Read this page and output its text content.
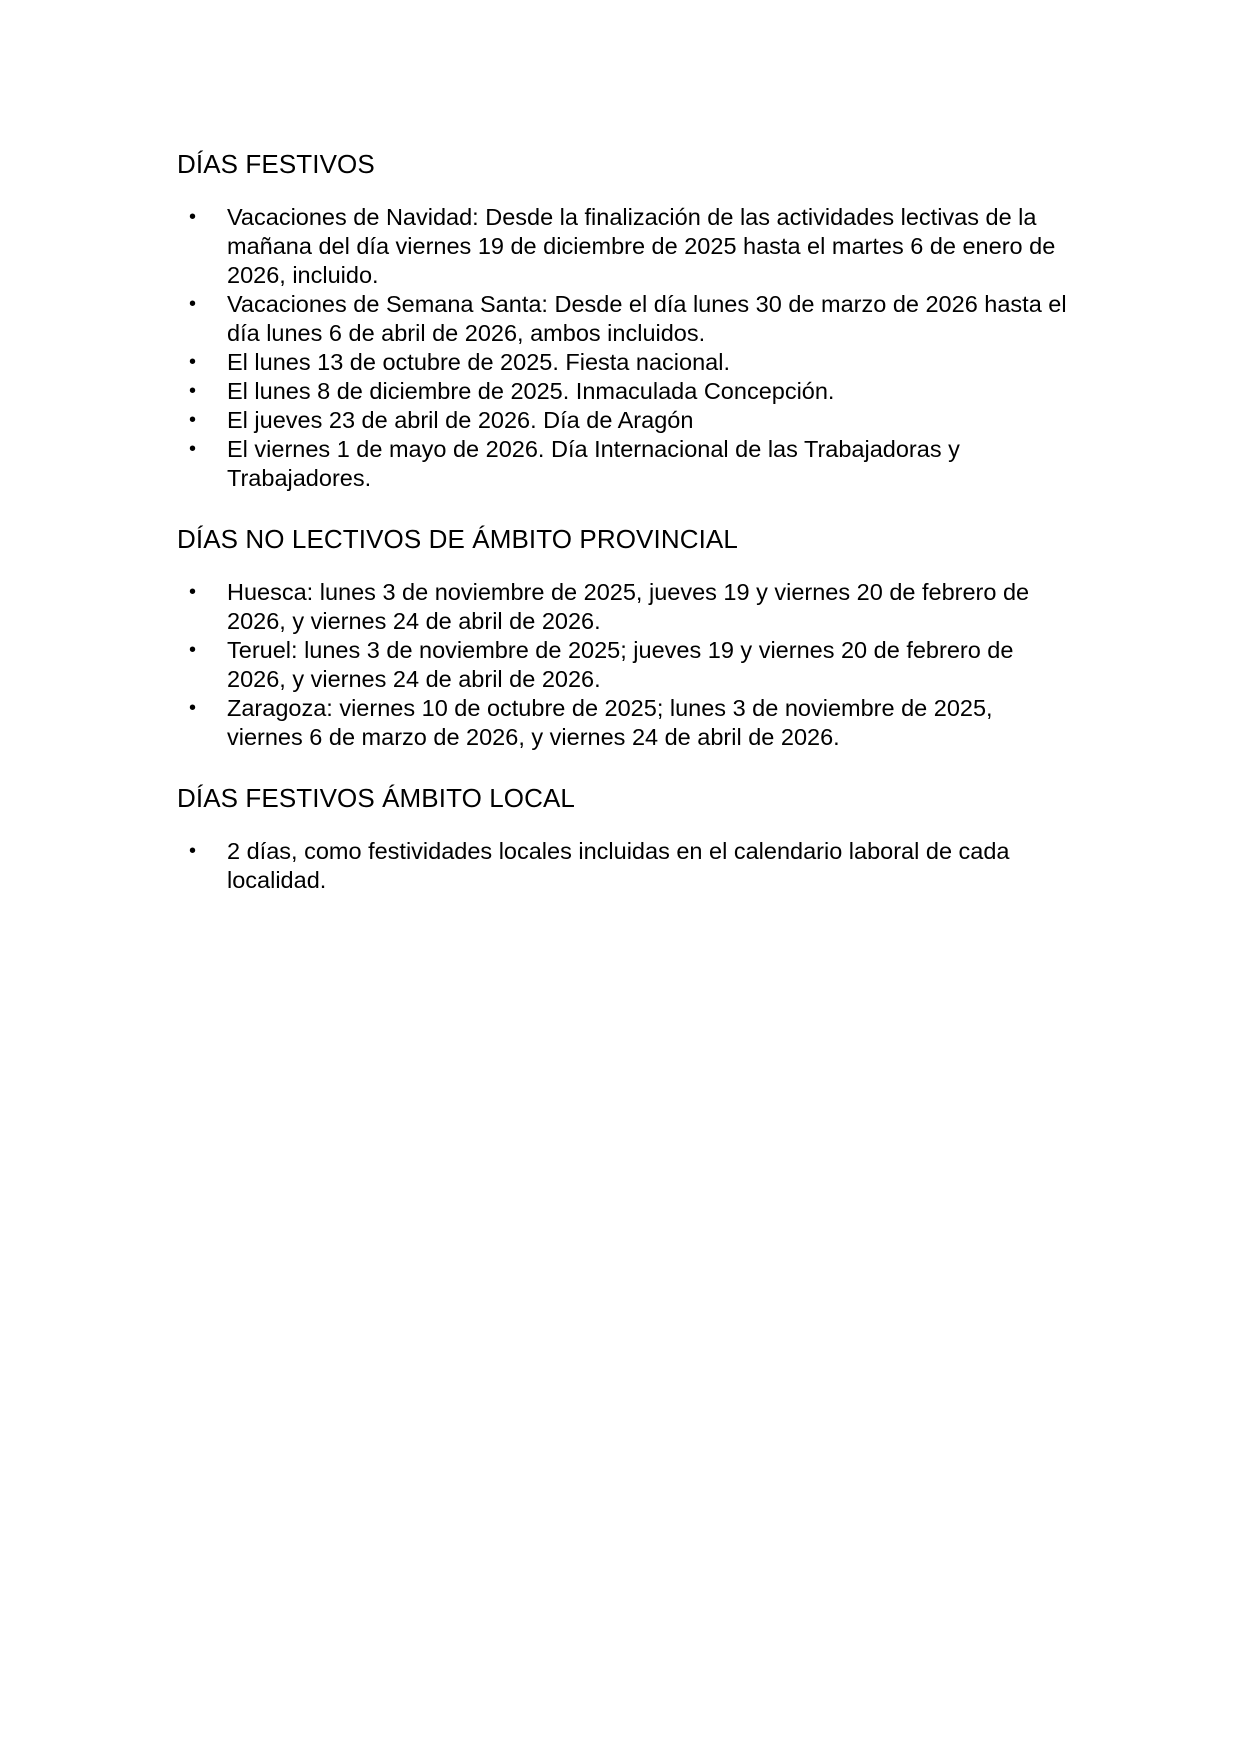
DÍAS FESTIVOS
• Vacaciones de Navidad: Desde la finalización de las actividades lectivas de la mañana del día viernes 19 de diciembre de 2025 hasta el martes 6 de enero de 2026, incluido.
• Vacaciones de Semana Santa: Desde el día lunes 30 de marzo de 2026 hasta el día lunes 6 de abril de 2026, ambos incluidos.
• El lunes 13 de octubre de 2025. Fiesta nacional.
• El lunes 8 de diciembre de 2025. Inmaculada Concepción.
• El jueves 23 de abril de 2026. Día de Aragón
• El viernes 1 de mayo de 2026. Día Internacional de las Trabajadoras y Trabajadores.
DÍAS NO LECTIVOS DE ÁMBITO PROVINCIAL
• Huesca: lunes 3 de noviembre de 2025, jueves 19 y viernes 20 de febrero de 2026, y viernes 24 de abril de 2026.
• Teruel: lunes 3 de noviembre de 2025; jueves 19 y viernes 20 de febrero de 2026, y viernes 24 de abril de 2026.
• Zaragoza: viernes 10 de octubre de 2025; lunes 3 de noviembre de 2025, viernes 6 de marzo de 2026, y viernes 24 de abril de 2026.
DÍAS FESTIVOS ÁMBITO LOCAL
• 2 días, como festividades locales incluidas en el calendario laboral de cada localidad.
